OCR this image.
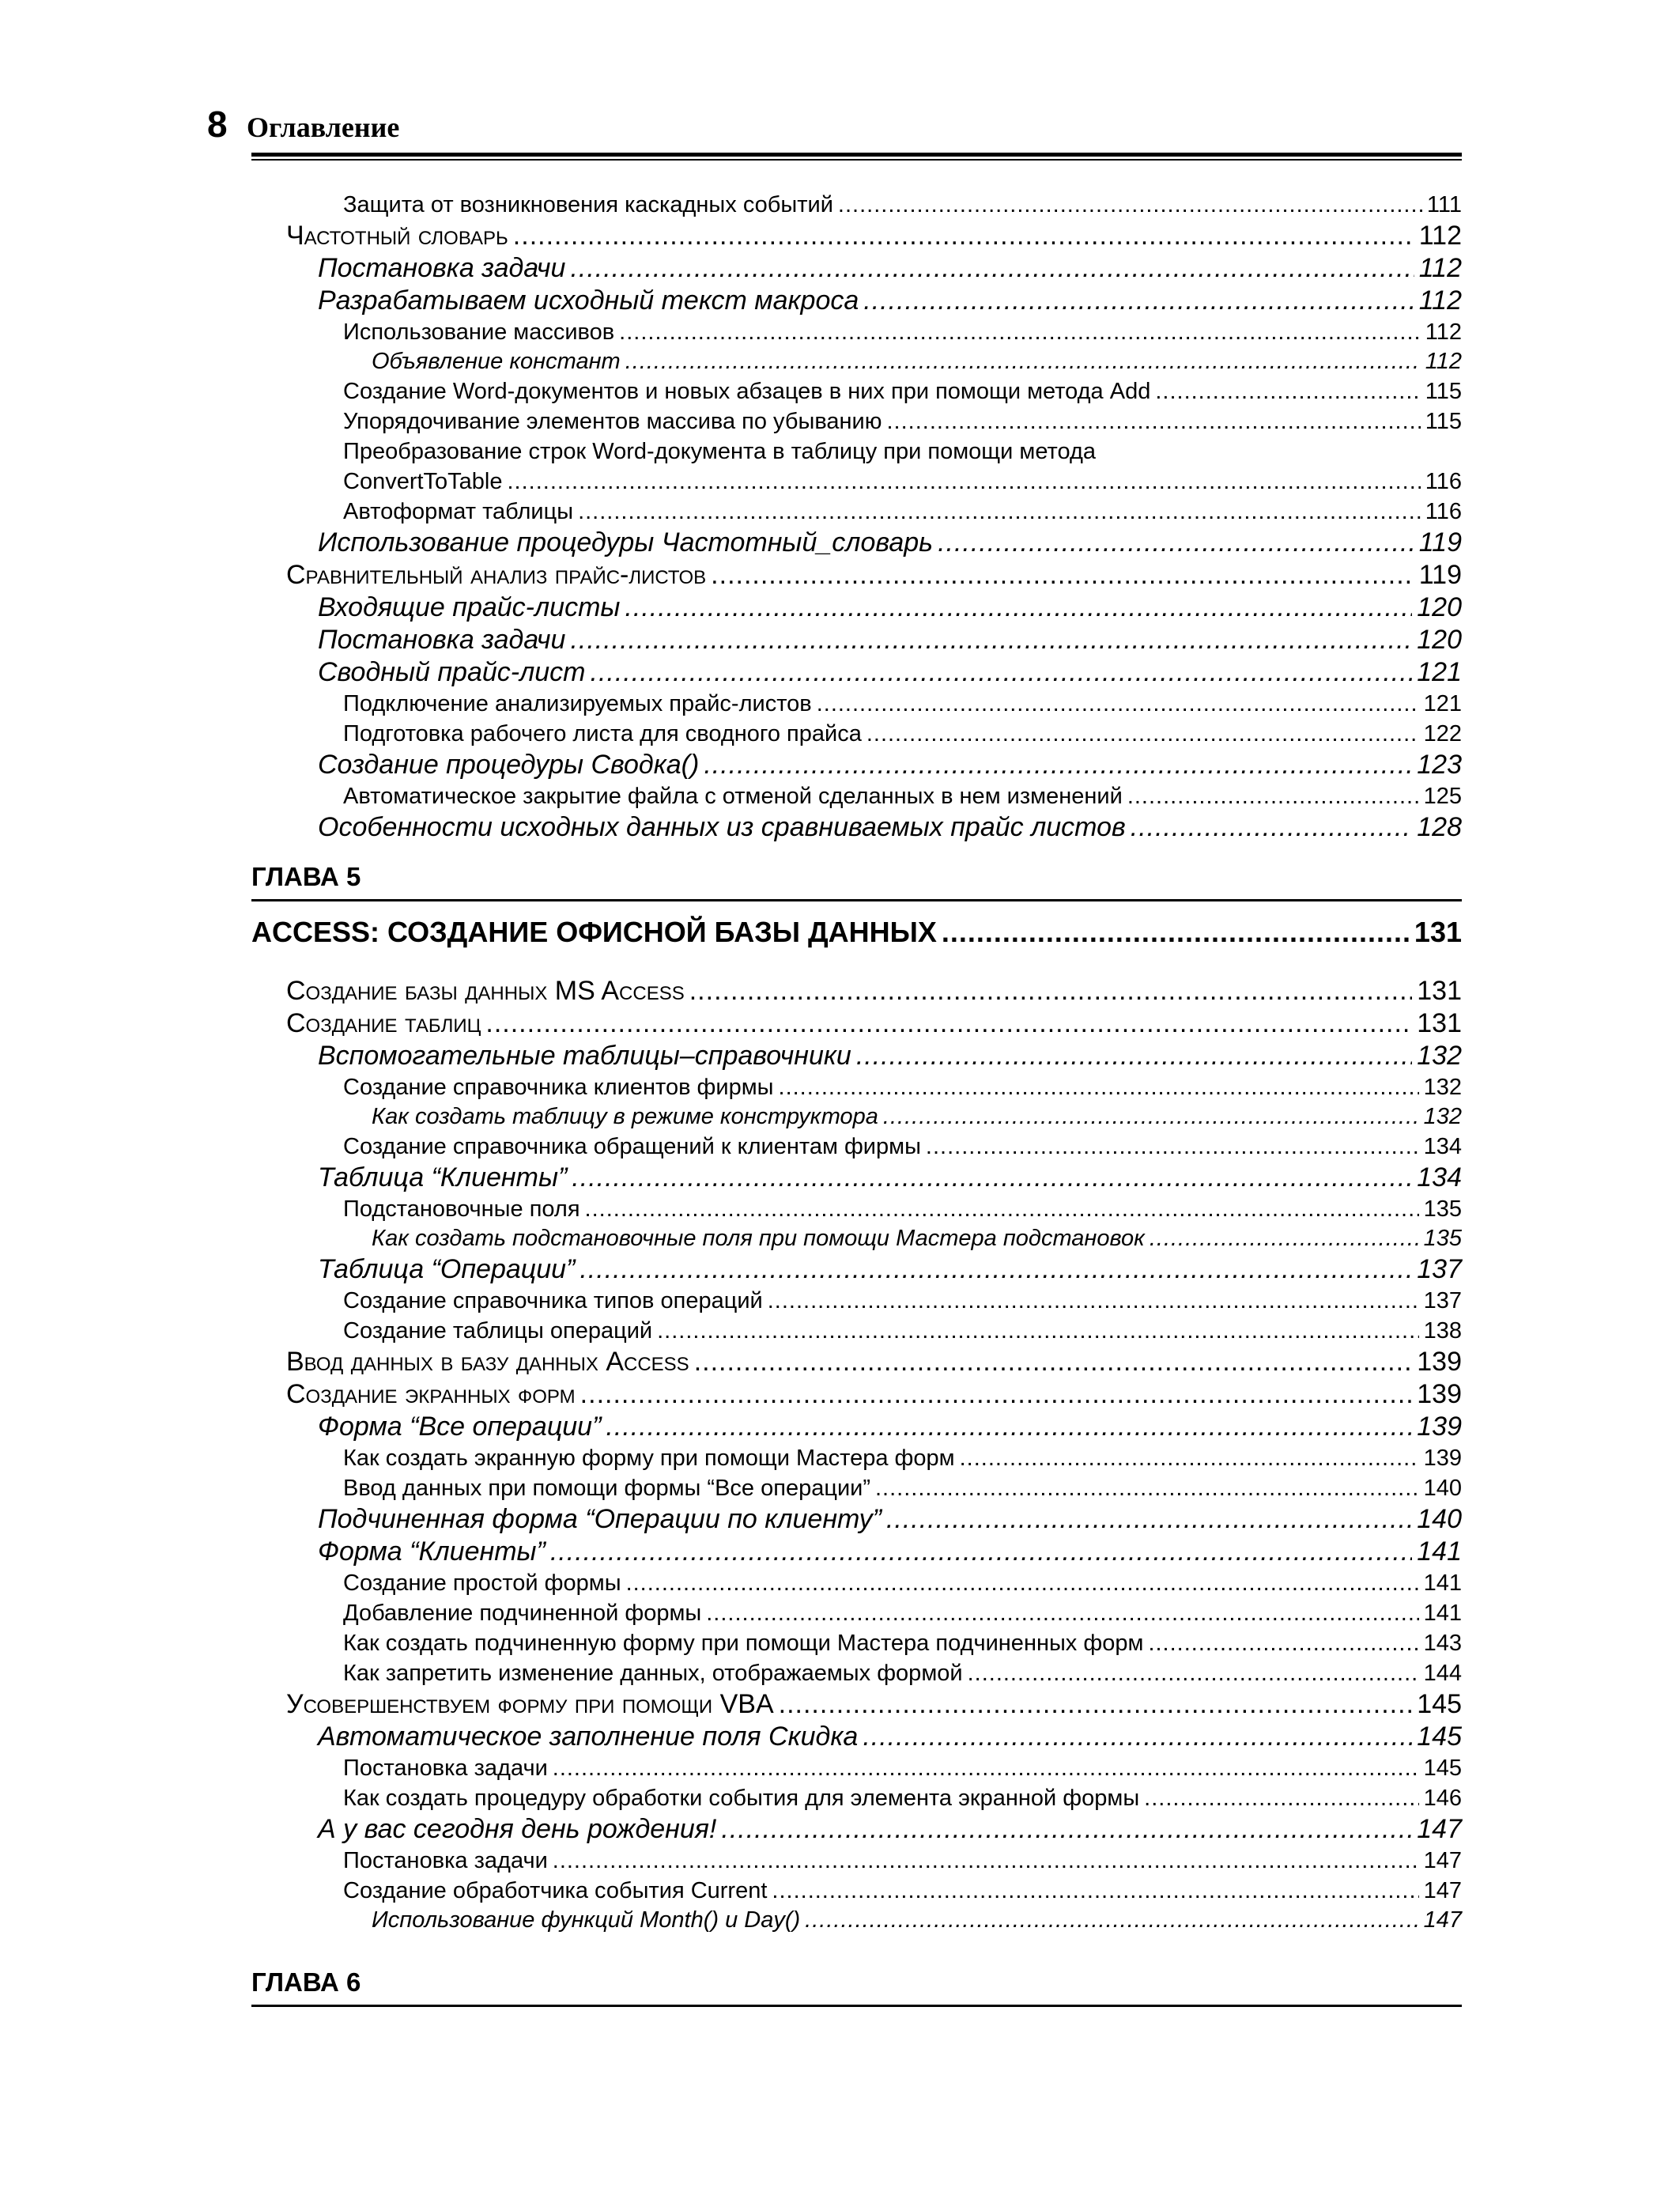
8 Оглавление
Защита от возникновения каскадных событий .....	111
Частотный словарь .....	112
Постановка задачи .....	112
Разрабатываем исходный текст макроса .....	112
Использование массивов .....	112
Объявление констант .....	112
Создание Word-документов и новых абзацев в них при помощи метода Add .....	115
Упорядочивание элементов массива по убыванию .....	115
Преобразование строк Word-документа в таблицу при помощи метода
ConvertToTable .....	116
Автоформат таблицы .....	116
Использование процедуры Частотный_словарь .....	119
Сравнительный анализ прайс-листов .....	119
Входящие прайс-листы .....	120
Постановка задачи .....	120
Сводный прайс-лист .....	121
Подключение анализируемых прайс-листов .....	121
Подготовка рабочего листа для сводного прайса .....	122
Создание процедуры Сводка() .....	123
Автоматическое закрытие файла с отменой сделанных в нем изменений .....	125
Особенности исходных данных из сравниваемых прайс листов .....	128
ГЛАВА 5
ACCESS: СОЗДАНИЕ ОФИСНОЙ БАЗЫ ДАННЫХ .....	131
Создание базы данных MS Access .....	131
Создание таблиц .....	131
Вспомогательные таблицы–справочники .....	132
Создание справочника клиентов фирмы .....	132
Как создать таблицу в режиме конструктора .....	132
Создание справочника обращений к клиентам фирмы .....	134
Таблица “Клиенты” .....	134
Подстановочные поля .....	135
Как создать подстановочные поля при помощи Мастера подстановок .....	135
Таблица “Операции” .....	137
Создание справочника типов операций .....	137
Создание таблицы операций .....	138
Ввод данных в базу данных Access .....	139
Создание экранных форм .....	139
Форма “Все операции” .....	139
Как создать экранную форму при помощи Мастера форм .....	139
Ввод данных при помощи формы “Все операции” .....	140
Подчиненная форма “Операции по клиенту” .....	140
Форма “Клиенты” .....	141
Создание простой формы .....	141
Добавление подчиненной формы .....	141
Как создать подчиненную форму при помощи Мастера подчиненных форм .....	143
Как запретить изменение данных, отображаемых формой .....	144
Усовершенствуем форму при помощи VBA .....	145
Автоматическое заполнение поля Скидка .....	145
Постановка задачи .....	145
Как создать процедуру обработки события для элемента экранной формы .....	146
А у вас сегодня день рождения! .....	147
Постановка задачи .....	147
Создание обработчика события Current .....	147
Использование функций Month() и Day() .....	147
ГЛАВА 6
